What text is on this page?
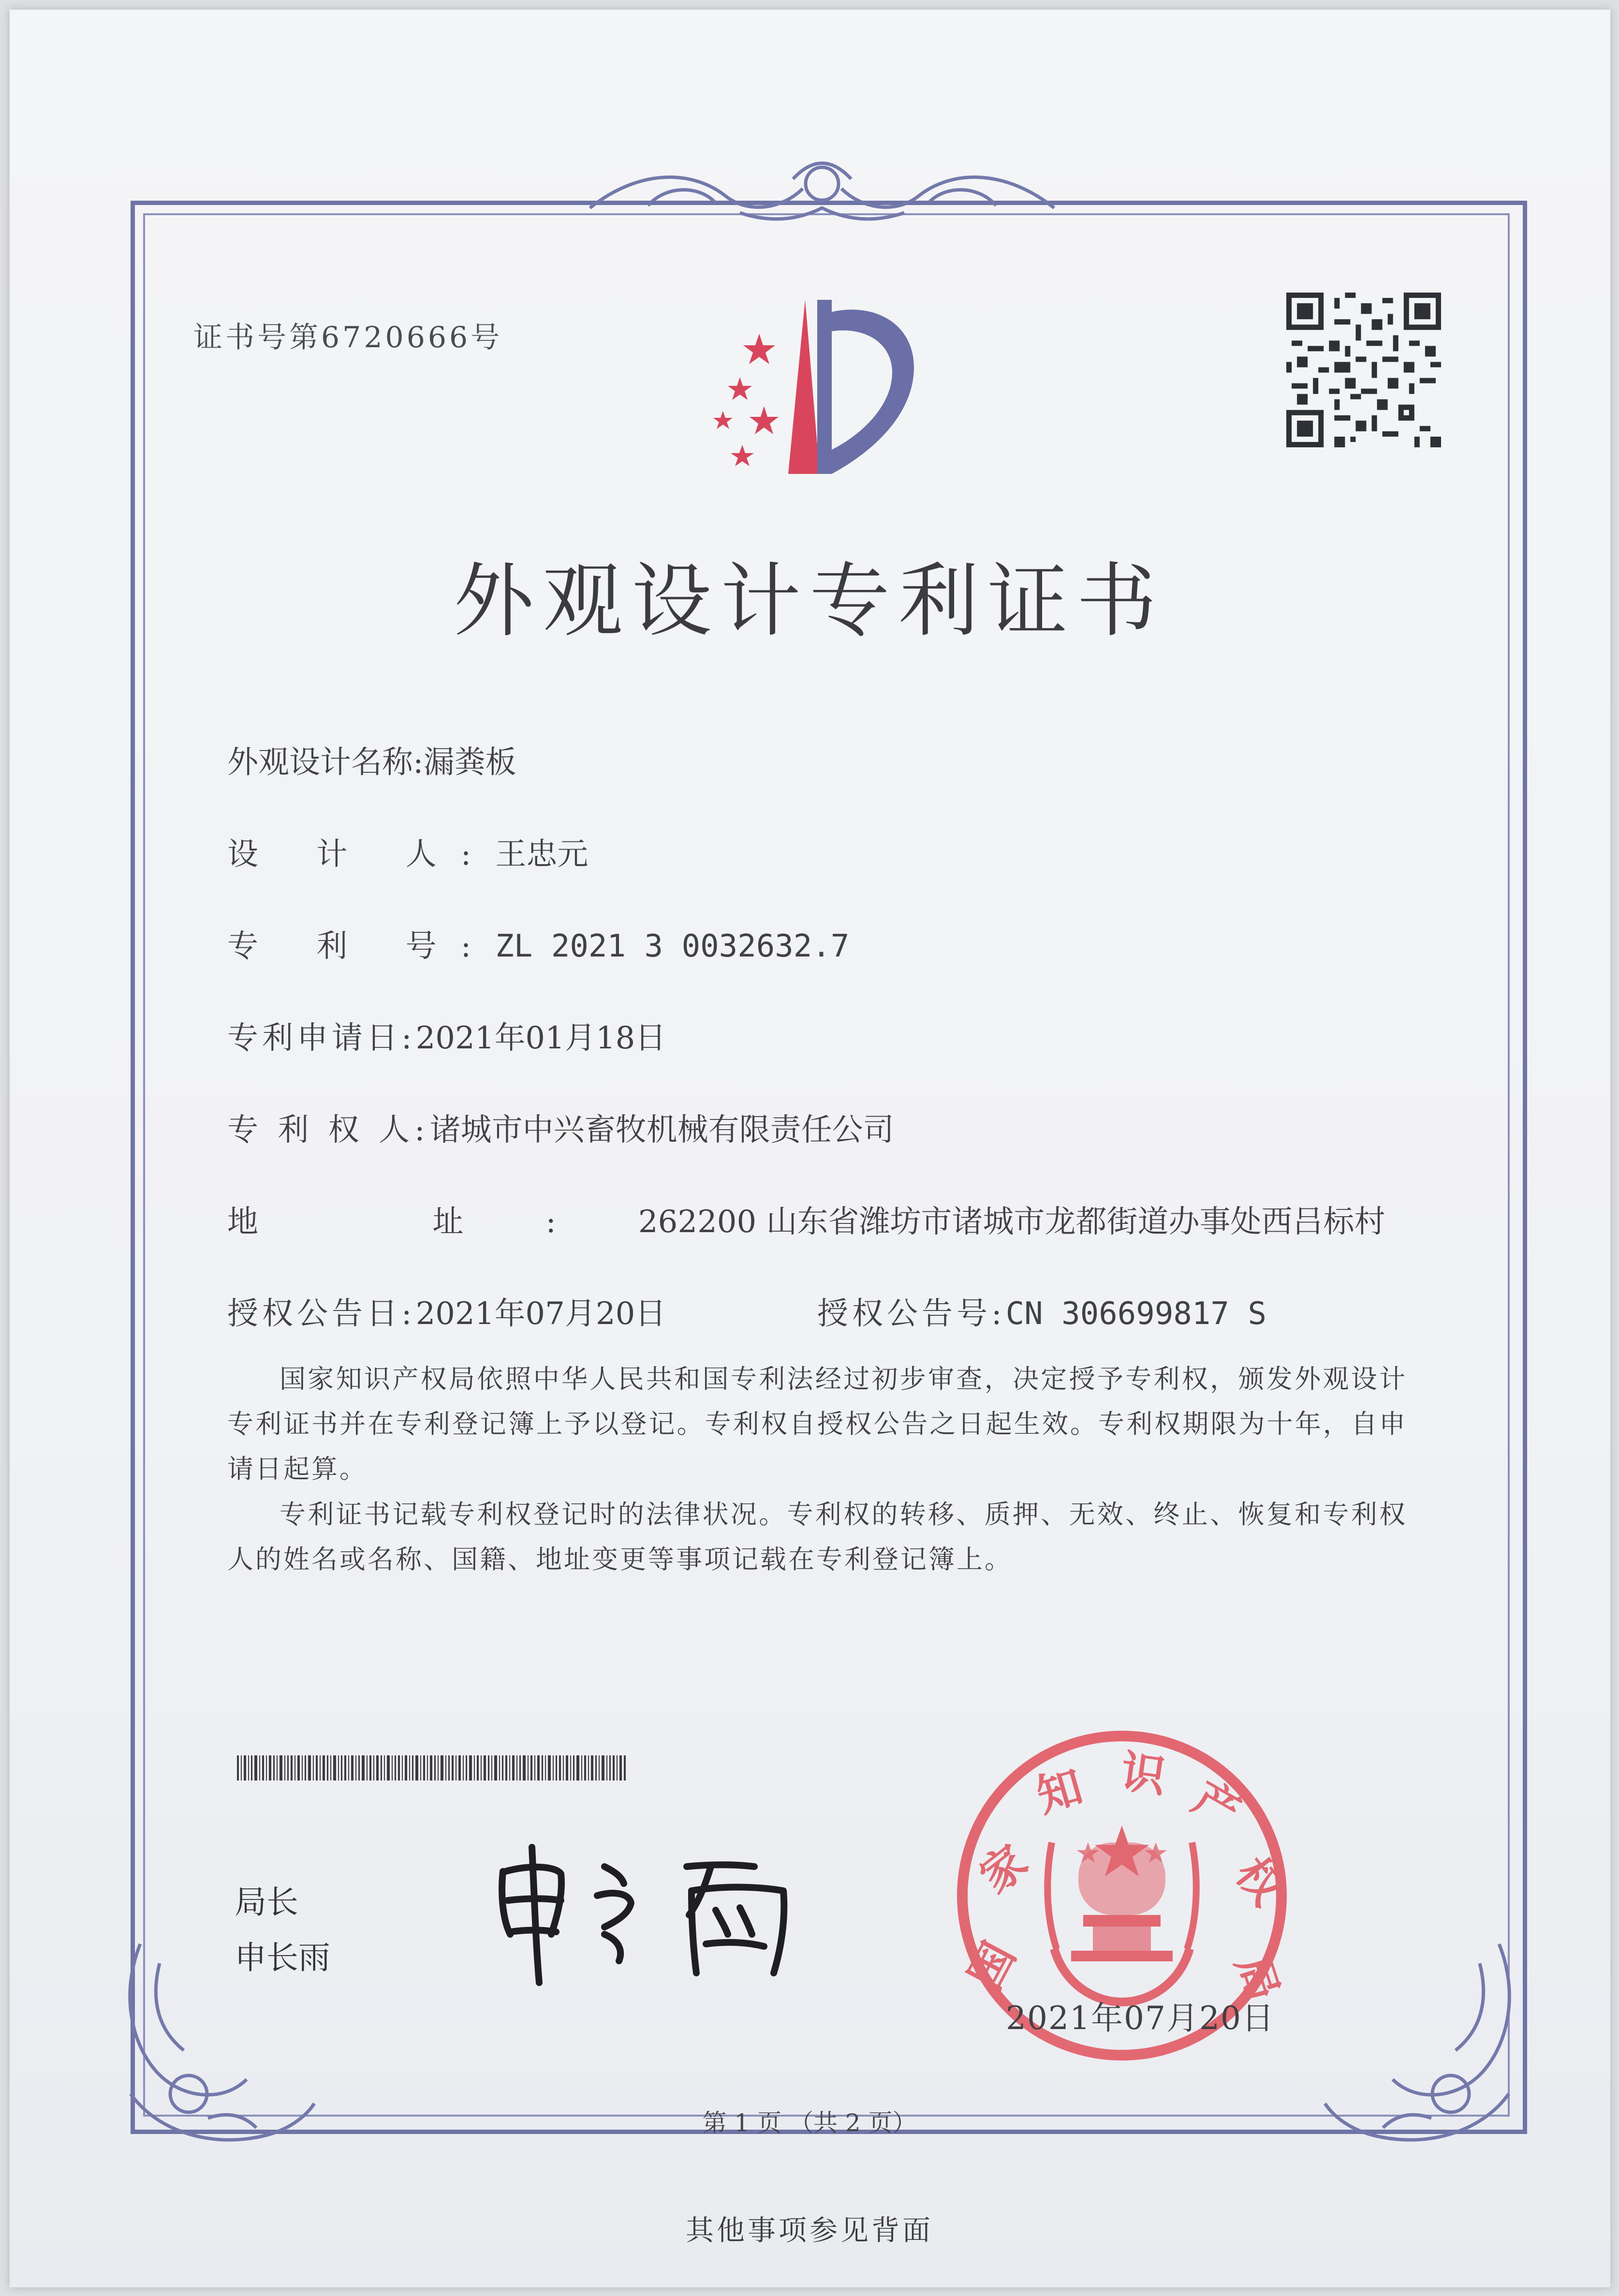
证书号第6720666号
外观设计专利证书
外观设计名称:漏粪板
设 计 人:王忠元
专 利 号:ZL 2021 3 0032632.7
专利申请日:2021年01月18日
专 利 权 人:诸城市中兴畜牧机械有限责任公司
地 址:262200 山东省潍坊市诸城市龙都街道办事处西吕标村
授权公告日:2021年07月20日	授权公告号:CN 306699817 S
国家知识产权局依照中华人民共和国专利法经过初步审查，决定授予专利权，颁发外观设计专利证书并在专利登记簿上予以登记。专利权自授权公告之日起生效。专利权期限为十年，自申请日起算。
专利证书记载专利权登记时的法律状况。专利权的转移、质押、无效、终止、恢复和专利权人的姓名或名称、国籍、地址变更等事项记载在专利登记簿上。
局长
申长雨	国
家
知 识 产
权
局
2021年07月20日
第 1 页 （共 2 页）
其他事项参见背面
